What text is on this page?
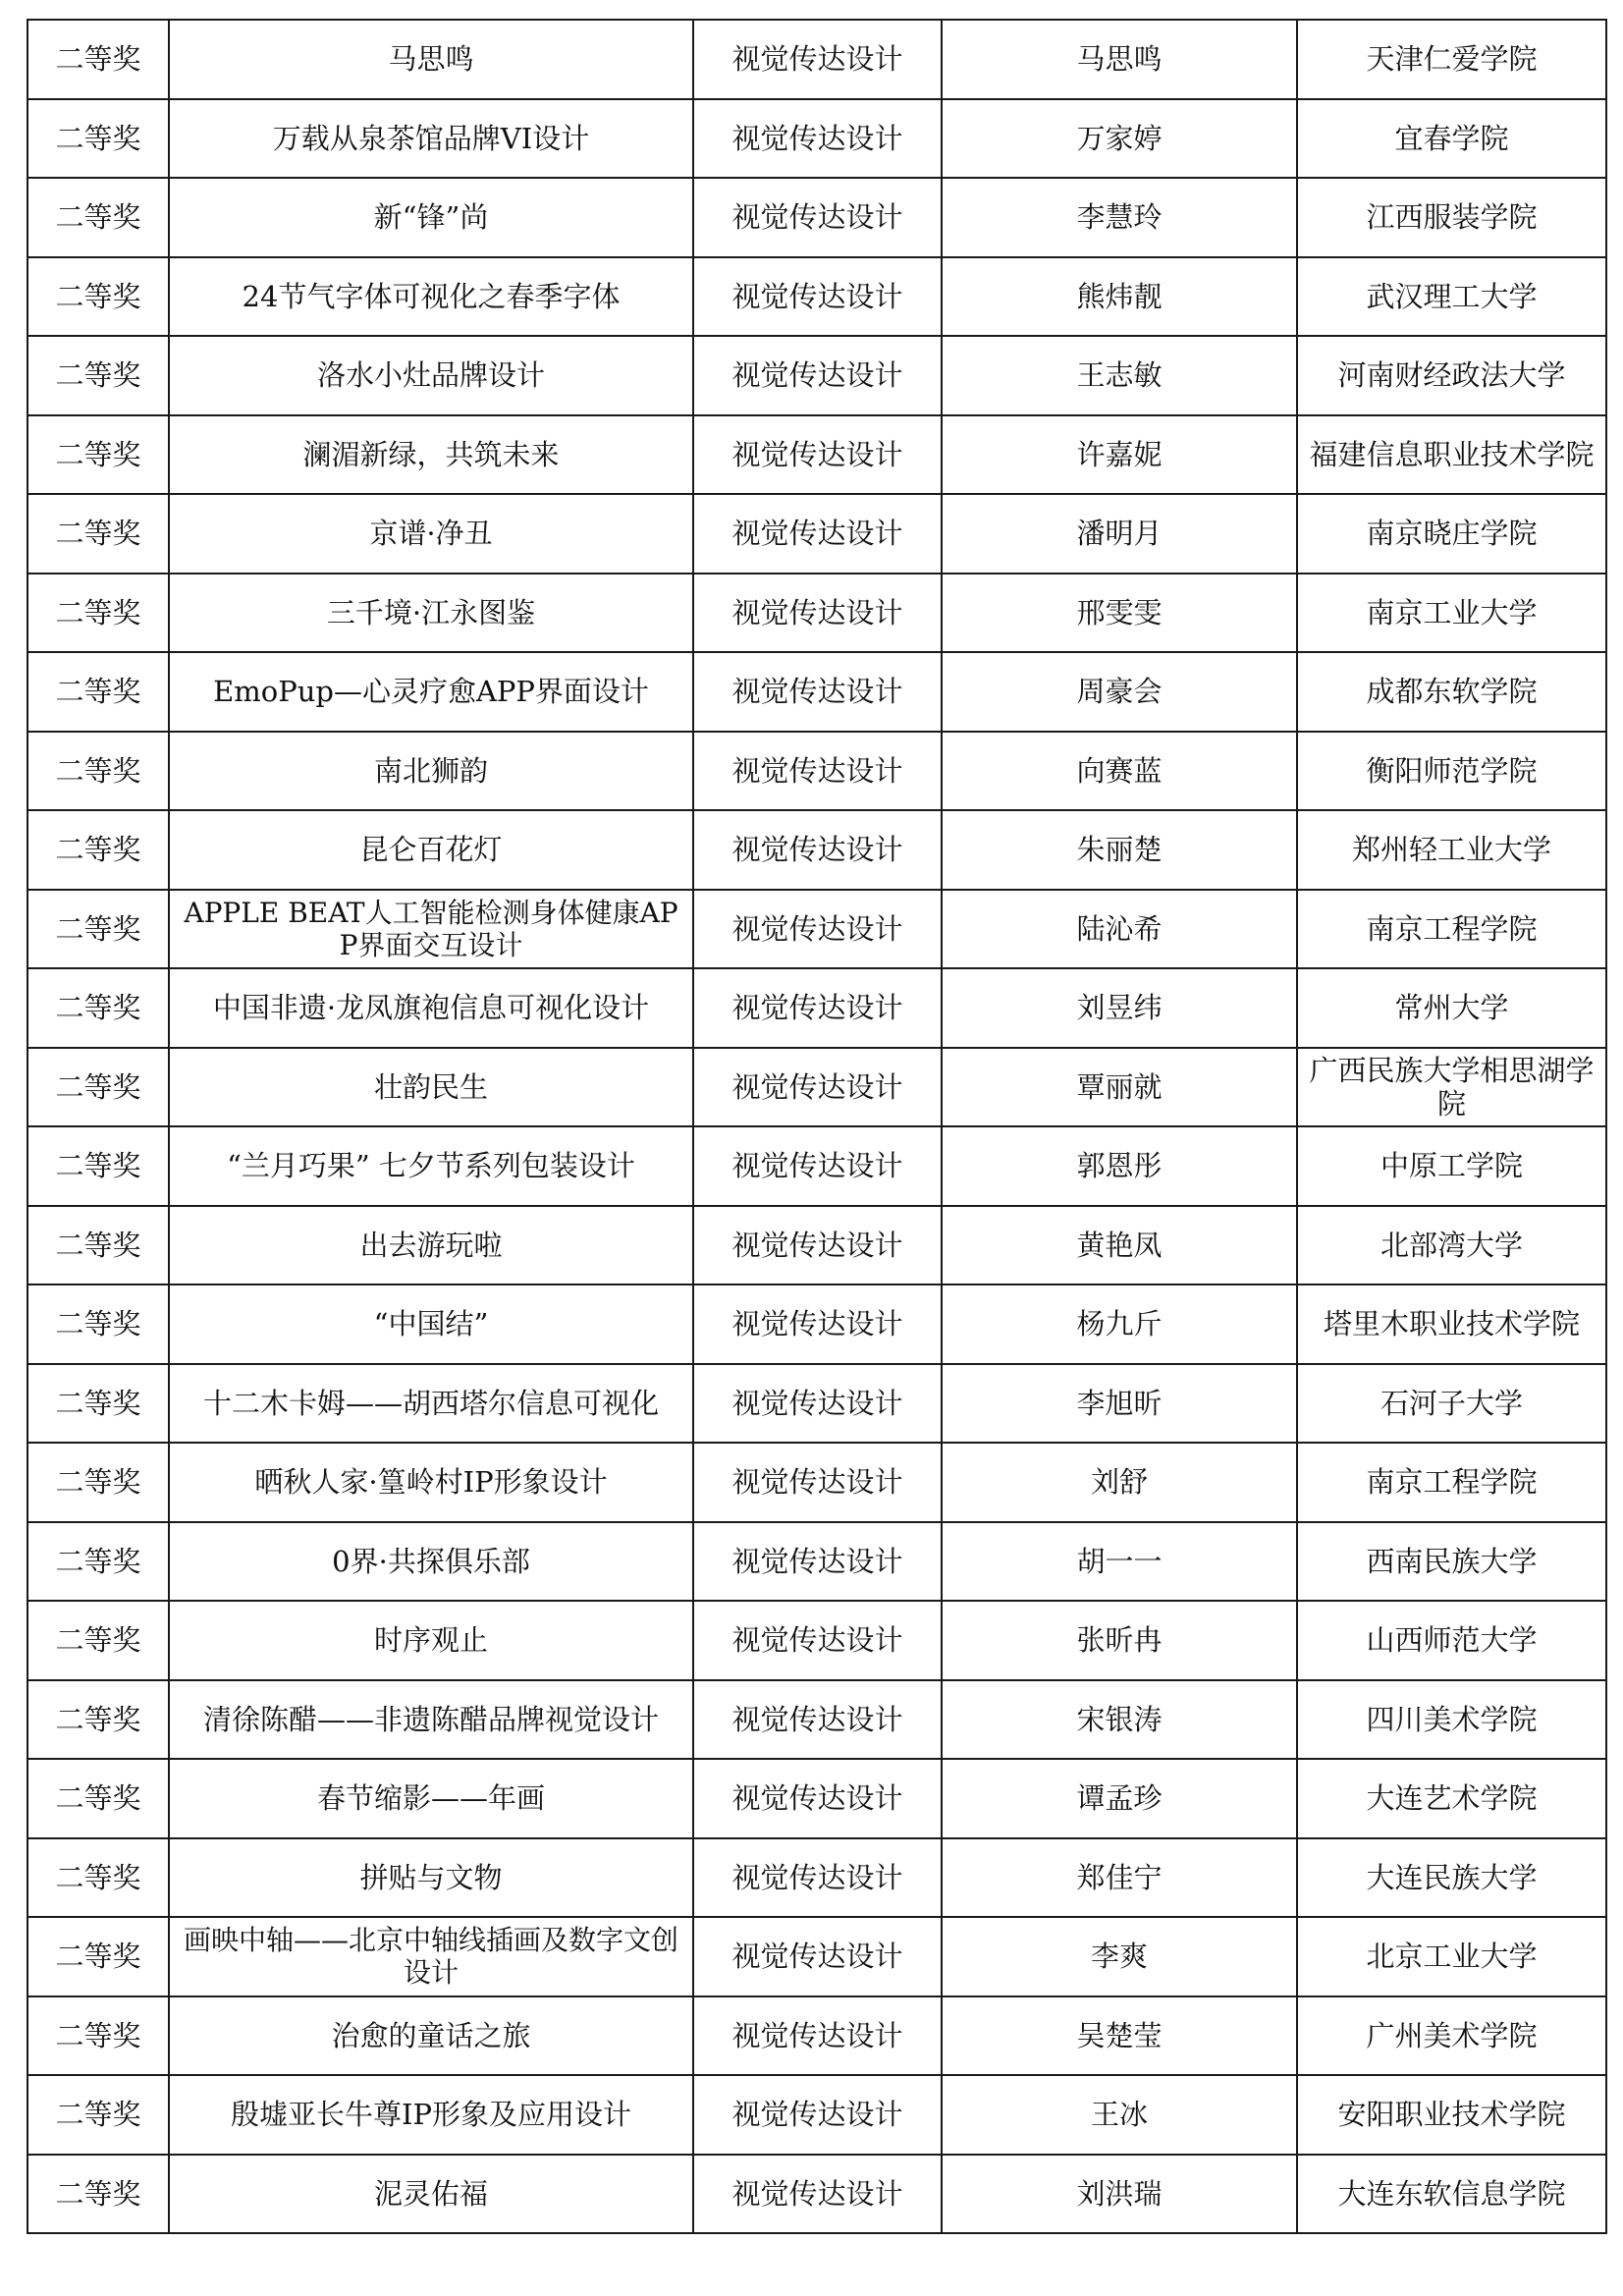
二等奖	马思鸣	视觉传达设计	马思鸣	天津仁爱学院
二等奖	万载从泉茶馆品牌VI设计	视觉传达设计	万家婷	宜春学院
二等奖	新“锋”尚	视觉传达设计	李慧玲	江西服装学院
二等奖	24节气字体可视化之春季字体	视觉传达设计	熊炜靓	武汉理工大学
二等奖	洛水小灶品牌设计	视觉传达设计	王志敏	河南财经政法大学
二等奖	澜湄新绿，共筑未来	视觉传达设计	许嘉妮	福建信息职业技术学院
二等奖	京谱·净丑	视觉传达设计	潘明月	南京晓庄学院
二等奖	三千境·江永图鉴	视觉传达设计	邢雯雯	南京工业大学
二等奖	EmoPup—心灵疗愈APP界面设计	视觉传达设计	周豪会	成都东软学院
二等奖	南北狮韵	视觉传达设计	向赛蓝	衡阳师范学院
二等奖	昆仑百花灯	视觉传达设计	朱丽楚	郑州轻工业大学
二等奖	APPLE BEAT人工智能检测身体健康APP界面交互设计	视觉传达设计	陆沁希	南京工程学院
二等奖	中国非遗·龙凤旗袍信息可视化设计	视觉传达设计	刘昱纬	常州大学
二等奖	壮韵民生	视觉传达设计	覃丽就	广西民族大学相思湖学院
二等奖	“兰月巧果” 七夕节系列包装设计	视觉传达设计	郭恩彤	中原工学院
二等奖	出去游玩啦	视觉传达设计	黄艳凤	北部湾大学
二等奖	“中国结”	视觉传达设计	杨九斤	塔里木职业技术学院
二等奖	十二木卡姆——胡西塔尔信息可视化	视觉传达设计	李旭昕	石河子大学
二等奖	晒秋人家·篁岭村IP形象设计	视觉传达设计	刘舒	南京工程学院
二等奖	0界·共探俱乐部	视觉传达设计	胡一一	西南民族大学
二等奖	时序观止	视觉传达设计	张昕冉	山西师范大学
二等奖	清徐陈醋——非遗陈醋品牌视觉设计	视觉传达设计	宋银涛	四川美术学院
二等奖	春节缩影——年画	视觉传达设计	谭孟珍	大连艺术学院
二等奖	拼贴与文物	视觉传达设计	郑佳宁	大连民族大学
二等奖	画映中轴——北京中轴线插画及数字文创设计	视觉传达设计	李爽	北京工业大学
二等奖	治愈的童话之旅	视觉传达设计	吴楚莹	广州美术学院
二等奖	殷墟亚长牛尊IP形象及应用设计	视觉传达设计	王冰	安阳职业技术学院
二等奖	泥灵佑福	视觉传达设计	刘洪瑞	大连东软信息学院
